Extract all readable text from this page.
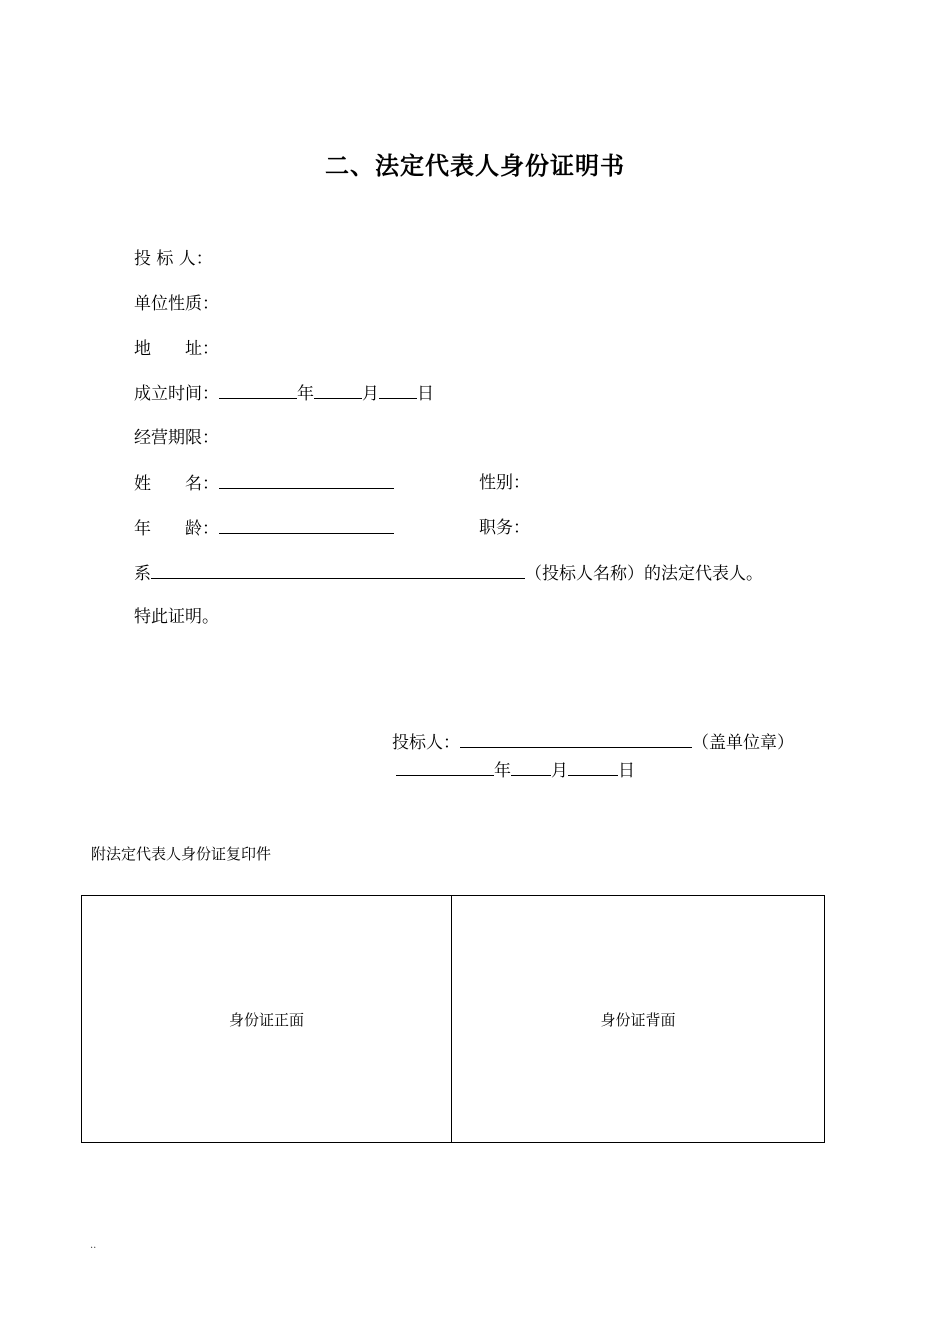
二、法定代表人身份证明书
投 标 人：
单位性质：
地　　址：
成立时间：	年	月 日
经营期限：
姓　　名：	性别：
年　　龄：	职务：
系	（投标人名称）的法定代表人。
特此证明。
投标人：	（盖单位章）
年 月	日
附法定代表人身份证复印件
身份证正面	身份证背面
..
